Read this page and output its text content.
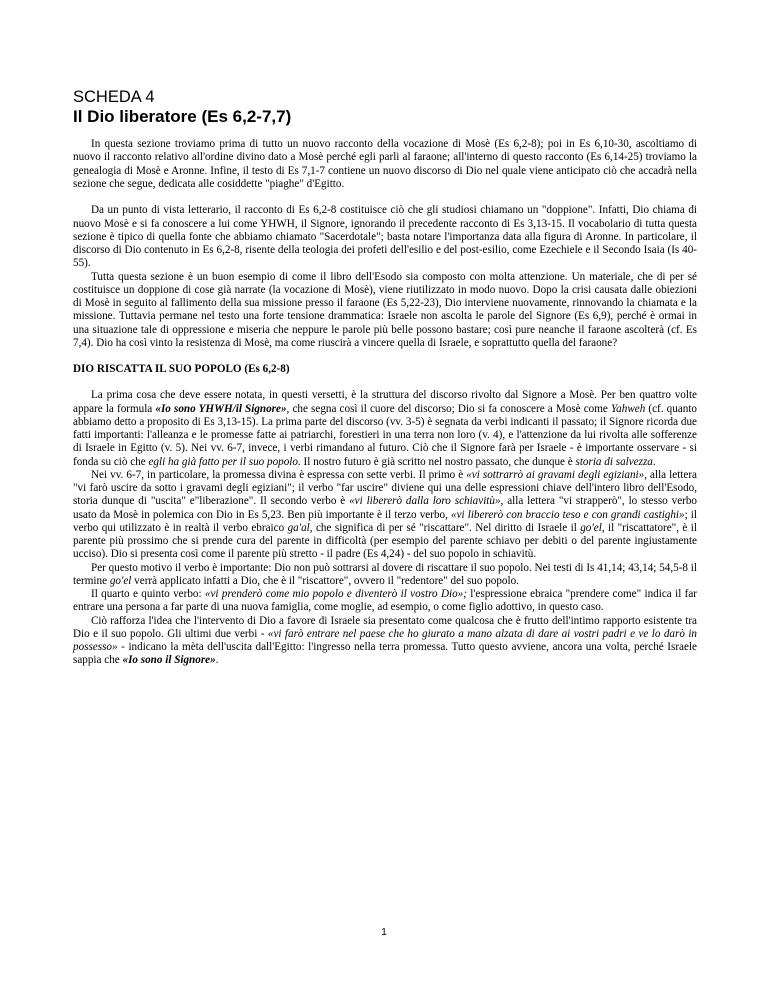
SCHEDA 4
Il Dio liberatore (Es 6,2-7,7)

In questa sezione troviamo prima di tutto un nuovo racconto della vocazione di Mosè (Es 6,2-8); poi in Es 6,10-30, ascoltiamo di nuovo il racconto relativo all'ordine divino dato a Mosè perché egli parli al faraone; all'interno di questo racconto (Es 6,14-25) troviamo la genealogia di Mosè e Aronne. Infine, il testo di Es 7,1-7 contiene un nuovo discorso di Dio nel quale viene anticipato ciò che accadrà nella sezione che segue, dedicata alle cosiddette "piaghe" d'Egitto.

Da un punto di vista letterario, il racconto di Es 6,2-8 costituisce ciò che gli studiosi chiamano un "doppione". Infatti, Dio chiama di nuovo Mosè e si fa conoscere a lui come YHWH, il Signore, ignorando il precedente racconto di Es 3,13-15. Il vocabolario di tutta questa sezione è tipico di quella fonte che abbiamo chiamato "Sacerdotale"; basta notare l'importanza data alla figura di Aronne. In particolare, il discorso di Dio contenuto in Es 6,2-8, risente della teologia dei profeti dell'esilio e del post-esilio, come Ezechiele e il Secondo Isaia (Is 40-55).

Tutta questa sezione è un buon esempio di come il libro dell'Esodo sia composto con molta attenzione. Un materiale, che di per sé costituisce un doppione di cose già narrate (la vocazione di Mosè), viene riutilizzato in modo nuovo. Dopo la crisi causata dalle obiezioni di Mosè in seguito al fallimento della sua missione presso il faraone (Es 5,22-23), Dio interviene nuovamente, rinnovando la chiamata e la missione. Tuttavia permane nel testo una forte tensione drammatica: Israele non ascolta le parole del Signore (Es 6,9), perché è ormai in una situazione tale di oppressione e miseria che neppure le parole più belle possono bastare; così pure neanche il faraone ascolterà (cf. Es 7,4). Dio ha così vinto la resistenza di Mosè, ma come riuscirà a vincere quella di Israele, e soprattutto quella del faraone?

DIO RISCATTA IL SUO POPOLO (Es 6,2-8)

La prima cosa che deve essere notata, in questi versetti, è la struttura del discorso rivolto dal Signore a Mosè. Per ben quattro volte appare la formula «Io sono YHWH/il Signore», che segna così il cuore del discorso; Dio si fa conoscere a Mosè come Yahweh (cf. quanto abbiamo detto a proposito di Es 3,13-15). La prima parte del discorso (vv. 3-5) è segnata da verbi indicanti il passato; il Signore ricorda due fatti importanti: l'alleanza e le promesse fatte ai patriarchi, forestieri in una terra non loro (v. 4), e l'attenzione da lui rivolta alle sofferenze di Israele in Egitto (v. 5). Nei vv. 6-7, invece, i verbi rimandano al futuro. Ciò che il Signore farà per Israele - è importante osservare - si fonda su ciò che egli ha già fatto per il suo popolo. Il nostro futuro è già scritto nel nostro passato, che dunque è storia di salvezza.

Nei vv. 6-7, in particolare, la promessa divina è espressa con sette verbi. Il primo è «vi sottrarrò ai gravami degli egiziani», alla lettera "vi farò uscire da sotto i gravami degli egiziani"; il verbo "far uscire" diviene qui una delle espressioni chiave dell'intero libro dell'Esodo, storia dunque di "uscita" e"liberazione". Il secondo verbo è «vi libererò dalla loro schiavitù», alla lettera "vi strapperò", lo stesso verbo usato da Mosè in polemica con Dio in Es 5,23. Ben più importante è il terzo verbo, «vi libererò con braccio teso e con grandi castighi»; il verbo qui utilizzato è in realtà il verbo ebraico ga'al, che significa di per sé "riscattare". Nel diritto di Israele il go'el, il "riscattatore", è il parente più prossimo che si prende cura del parente in difficoltà (per esempio del parente schiavo per debiti o del parente ingiustamente ucciso). Dio si presenta così come il parente più stretto - il padre (Es 4,24) - del suo popolo in schiavitù.

Per questo motivo il verbo è importante: Dio non può sottrarsi al dovere di riscattare il suo popolo. Nei testi di Is 41,14; 43,14; 54,5-8 il termine go'el verrà applicato infatti a Dio, che è il "riscattore", ovvero il "redentore" del suo popolo.

Il quarto e quinto verbo: «vi prenderò come mio popolo e diventerò il vostro Dio»; l'espressione ebraica "prendere come" indica il far entrare una persona a far parte di una nuova famiglia, come moglie, ad esempio, o come figlio adottivo, in questo caso.

Ciò rafforza l'idea che l'intervento di Dio a favore di Israele sia presentato come qualcosa che è frutto dell'intimo rapporto esistente tra Dio e il suo popolo. Gli ultimi due verbi - «vi farò entrare nel paese che ho giurato a mano alzata di dare ai vostri padri e ve lo darò in possesso» - indicano la mèta dell'uscita dall'Egitto: l'ingresso nella terra promessa. Tutto questo avviene, ancora una volta, perché Israele sappia che «Io sono il Signore».

1
